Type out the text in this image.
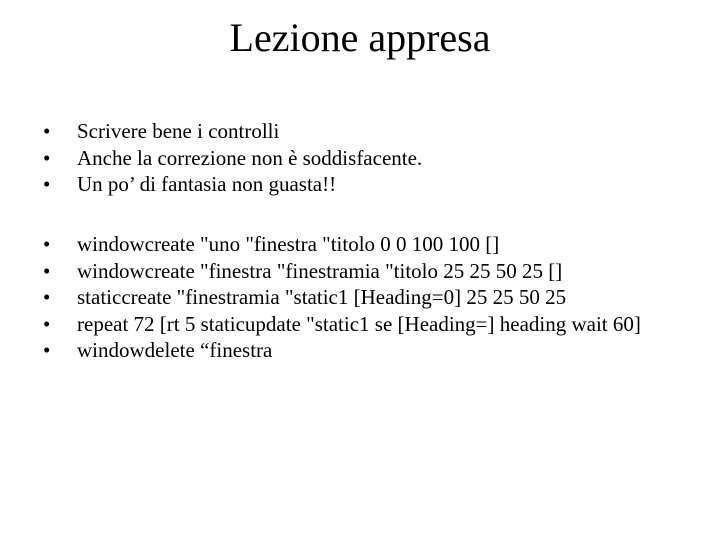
Lezione appresa
•	Scrivere bene i controlli
•	Anche la correzione non è soddisfacente.
•	Un po’ di fantasia non guasta!!
•	windowcreate "uno "finestra "titolo 0 0 100 100 []
•	windowcreate "finestra "finestramia "titolo 25 25 50 25 []
•	staticcreate "finestramia "static1 [Heading=0] 25 25 50 25
•	repeat 72 [rt 5 staticupdate "static1 se [Heading=] heading wait 60]
•	windowdelete “finestra
